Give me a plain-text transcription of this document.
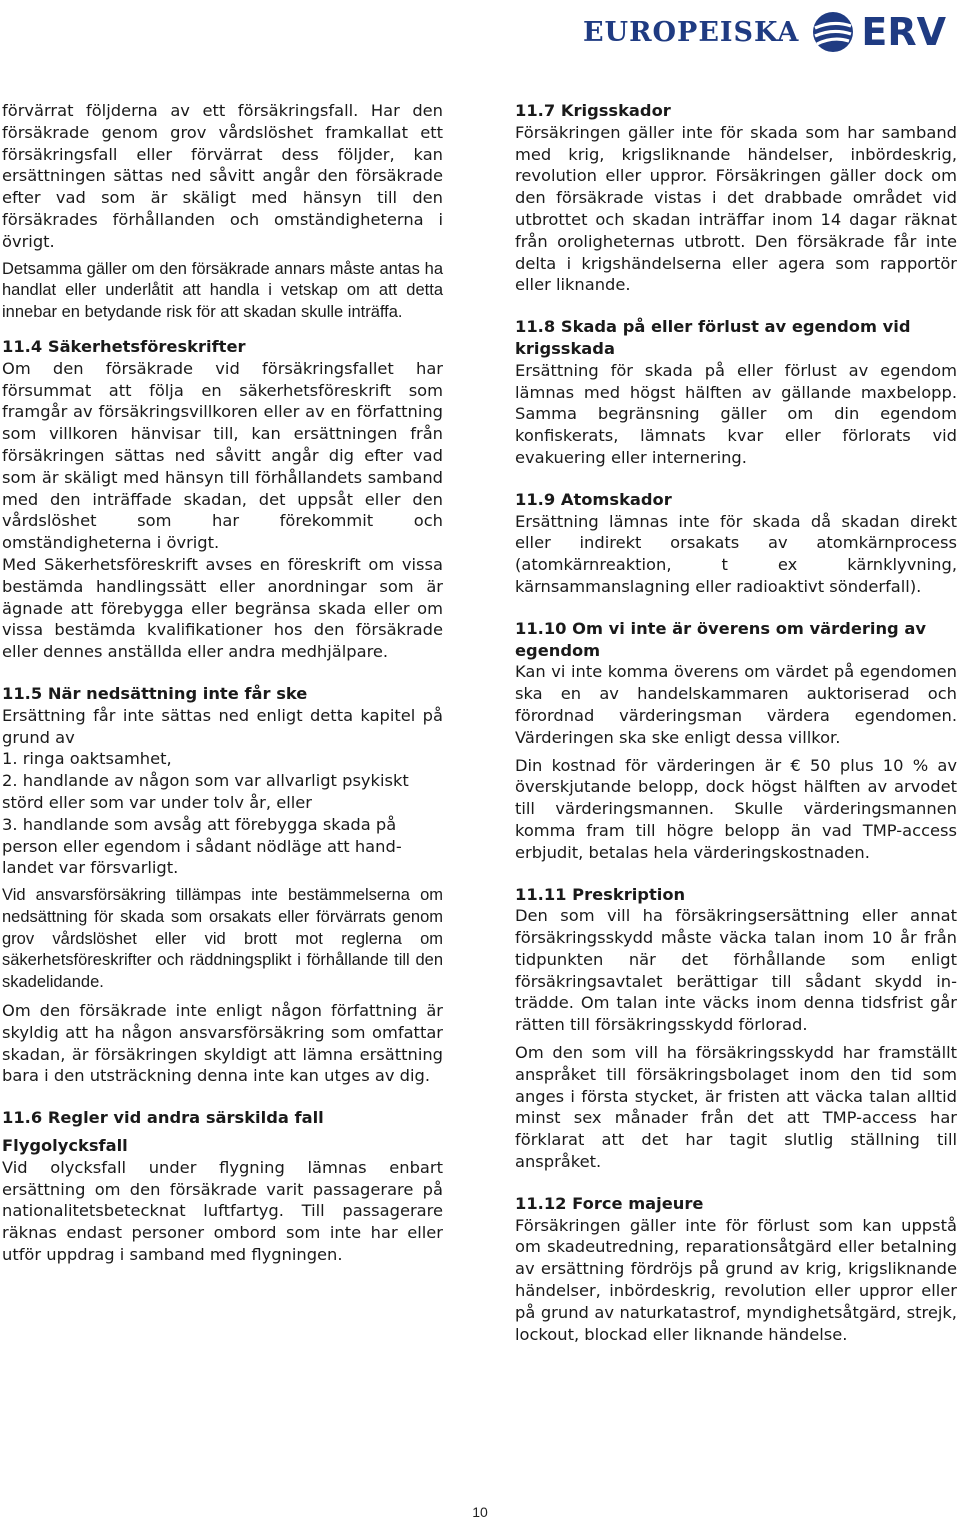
EUROPEISKA ERV

förvärrat följderna av ett försäkringsfall. Har den försäkrade genom grov vårdslöshet framkallat ett försäkringsfall eller förvärrat dess följder, kan ersättningen sättas ned såvitt angår den försäkrade efter vad som är skäligt med hänsyn till den försäkrades förhållanden och omständigheterna i övrigt.

Detsamma gäller om den försäkrade annars måste antas ha handlat eller underlåtit att handla i vetskap om att detta innebar en betydande risk för att skadan skulle inträffa.

11.4 Säkerhetsföreskrifter

Om den försäkrade vid försäkringsfallet har försummat att följa en säkerhetsföreskrift som framgår av försäkringsvillkoren eller av en författning som villkoren hänvisar till, kan ersättningen från försäkringen sättas ned såvitt angår dig efter vad som är skäligt med hänsyn till förhållandets samband med den inträffade skadan, det uppsåt eller den vårdslöshet som har förekommit och omständigheterna i övrigt.

Med Säkerhetsföreskrift avses en föreskrift om vissa bestämda handlingssätt eller anordningar som är ägnade att förebygga eller begränsa skada eller om vissa bestämda kvalifikationer hos den försäkrade eller dennes anställda eller andra medhjälpare.

11.5 När nedsättning inte får ske

Ersättning får inte sättas ned enligt detta kapitel på grund av

1. ringa oaktsamhet,
2. handlande av någon som var allvarligt psykiskt störd eller som var under tolv år, eller
3. handlande som avsåg att förebygga skada på person eller egendom i sådant nödläge att handlandet var försvarligt.

Vid ansvarsförsäkring tillämpas inte bestämmelserna om nedsättning för skada som orsakats eller förvärrats genom grov vårdslöshet eller vid brott mot reglerna om säkerhetsföreskrifter och räddningsplikt i förhållande till den skadelidande.

Om den försäkrade inte enligt någon författning är skyldig att ha någon ansvarsförsäkring som omfattar skadan, är försäkringen skyldigt att lämna ersättning bara i den utsträckning denna inte kan utges av dig.

11.6 Regler vid andra särskilda fall

Flygolycksfall

Vid olycksfall under flygning lämnas enbart ersättning om den försäkrade varit passagerare på nationalitetsbetecknat luftfartyg. Till passagerare räknas endast personer ombord som inte har eller utför uppdrag i samband med flygningen.

11.7 Krigsskador

Försäkringen gäller inte för skada som har samband med krig, krigsliknande händelser, inbördeskrig, revolution eller uppror. Försäkringen gäller dock om den försäkrade vistas i det drabbade området vid utbrottet och skadan inträffar inom 14 dagar räknat från oroligheternas utbrott. Den försäkrade får inte delta i krigshändelserna eller agera som rapportör eller liknande.

11.8 Skada på eller förlust av egendom vid krigsskada

Ersättning för skada på eller förlust av egendom lämnas med högst hälften av gällande maxbelopp. Samma begränsning gäller om din egendom konfiskerats, lämnats kvar eller förlorats vid evakuering eller internering.

11.9 Atomskador

Ersättning lämnas inte för skada då skadan direkt eller indirekt orsakats av atomkärnprocess (atomkärnreaktion, t ex kärnklyvning, kärnsammanslagning eller radioaktivt sönderfall).

11.10 Om vi inte är överens om värdering av egendom

Kan vi inte komma överens om värdet på egendomen ska en av handelskammaren auktoriserad och förordnad värderingsman värdera egendomen. Värderingen ska ske enligt dessa villkor.

Din kostnad för värderingen är € 50 plus 10 % av överskjutande belopp, dock högst hälften av arvodet till värderingsmannen. Skulle värderingsmannen komma fram till högre belopp än vad TMP-access erbjudit, betalas hela värderingskostnaden.

11.11 Preskription

Den som vill ha försäkringsersättning eller annat försäkringsskydd måste väcka talan inom 10 år från tidpunkten när det förhållande som enligt försäkringsavtalet berättigar till sådant skydd inträdde. Om talan inte väcks inom denna tidsfrist går rätten till försäkringsskydd förlorad.

Om den som vill ha försäkringsskydd har framställt anspråket till försäkringsbolaget inom den tid som anges i första stycket, är fristen att väcka talan alltid minst sex månader från det att TMP-access har förklarat att det har tagit slutlig ställning till anspråket.

11.12 Force majeure

Försäkringen gäller inte för förlust som kan uppstå om skadeutredning, reparationsåtgärd eller betalning av ersättning fördröjs på grund av krig, krigsliknande händelser, inbördeskrig, revolution eller uppror eller på grund av naturkatastrof, myndighetsåtgärd, strejk, lockout, blockad eller liknande händelse.

10
